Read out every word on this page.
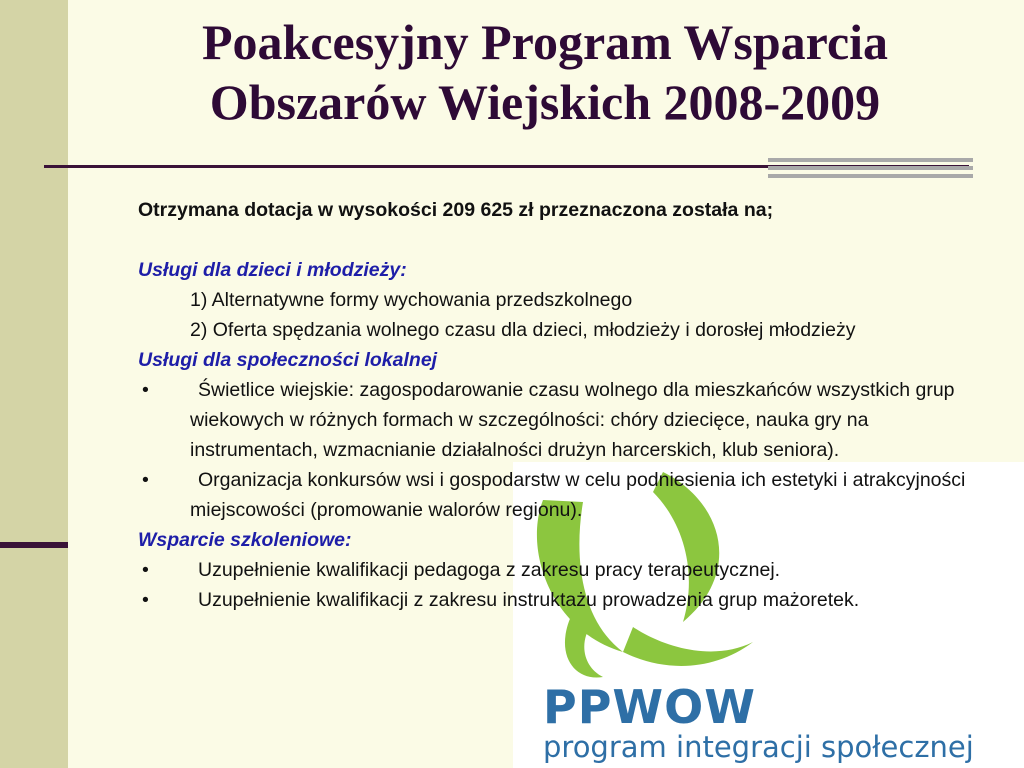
Poakcesyjny Program Wsparcia
Obszarów Wiejskich 2008-2009
PPWOW
program integracji społecznej
Otrzymana dotacja w wysokości 209 625 zł przeznaczona została na;
Usługi dla dzieci i młodzieży:
1) Alternatywne formy wychowania przedszkolnego
2) Oferta spędzania wolnego czasu dla dzieci, młodzieży i dorosłej młodzieży
Usługi dla społeczności lokalnej
•	Świetlice wiejskie: zagospodarowanie czasu wolnego dla mieszkańców wszystkich grup wiekowych w różnych formach w szczególności: chóry dziecięce, nauka gry na instrumentach, wzmacnianie działalności drużyn harcerskich, klub seniora).
•	Organizacja konkursów wsi i gospodarstw w celu podniesienia ich estetyki i atrakcyjności miejscowości (promowanie walorów regionu).
Wsparcie szkoleniowe:
•	Uzupełnienie kwalifikacji pedagoga z zakresu pracy terapeutycznej.
•	Uzupełnienie kwalifikacji z zakresu instruktażu prowadzenia grup mażoretek.
